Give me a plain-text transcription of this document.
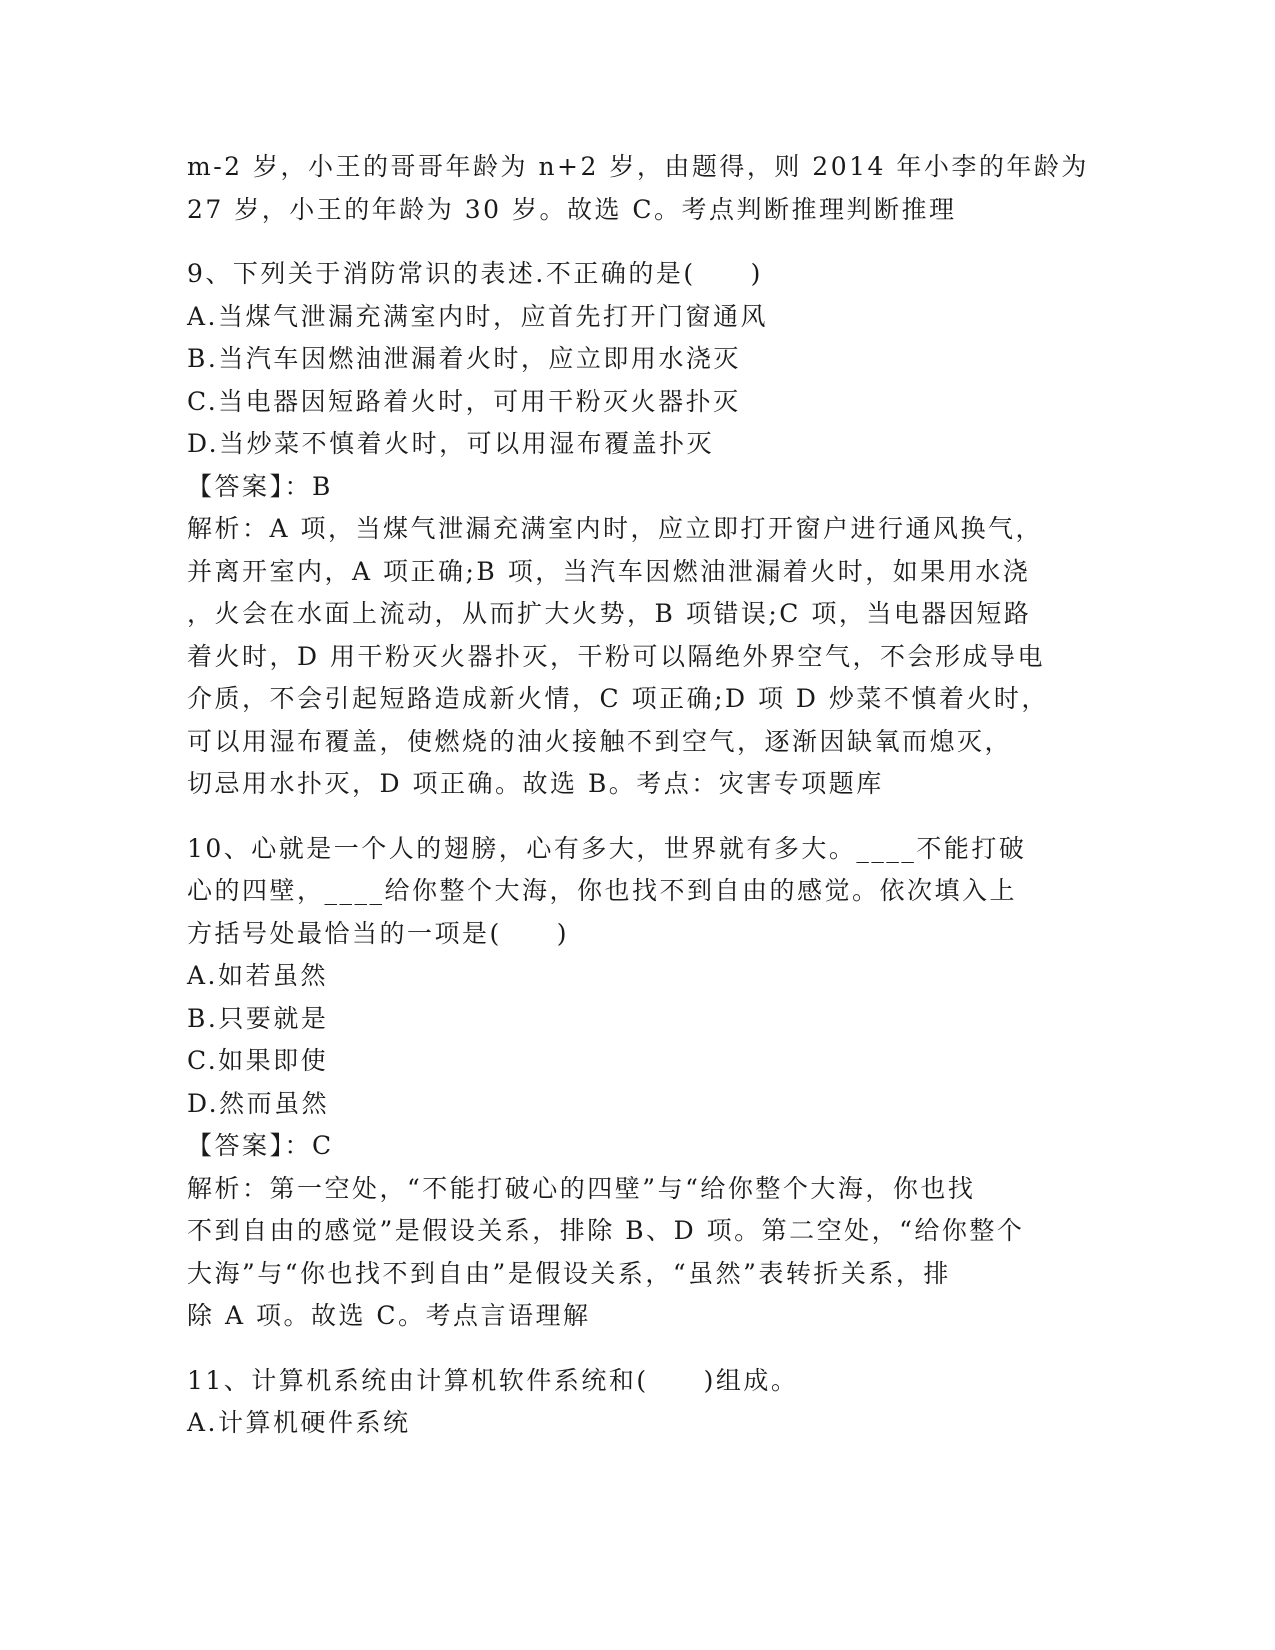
m-2 岁，小王的哥哥年龄为 n+2 岁，由题得，则 2014 年小李的年龄为
27 岁，小王的年龄为 30 岁。故选 C。考点判断推理判断推理
9、下列关于消防常识的表述.不正确的是(　　)
A.当煤气泄漏充满室内时，应首先打开门窗通风
B.当汽车因燃油泄漏着火时，应立即用水浇灭
C.当电器因短路着火时，可用干粉灭火器扑灭
D.当炒菜不慎着火时，可以用湿布覆盖扑灭
【答案】：B
解析：A 项，当煤气泄漏充满室内时，应立即打开窗户进行通风换气，
并离开室内，A 项正确;B 项，当汽车因燃油泄漏着火时，如果用水浇
，火会在水面上流动，从而扩大火势，B 项错误;C 项，当电器因短路
着火时，D 用干粉灭火器扑灭，干粉可以隔绝外界空气，不会形成导电
介质，不会引起短路造成新火情，C 项正确;D 项 D 炒菜不慎着火时，
可以用湿布覆盖，使燃烧的油火接触不到空气，逐渐因缺氧而熄灭，
切忌用水扑灭，D 项正确。故选 B。考点：灾害专项题库
10、心就是一个人的翅膀，心有多大，世界就有多大。____不能打破
心的四壁，____给你整个大海，你也找不到自由的感觉。依次填入上
方括号处最恰当的一项是(　　)
A.如若虽然
B.只要就是
C.如果即使
D.然而虽然
【答案】：C
解析：第一空处，“不能打破心的四壁”与“给你整个大海，你也找
不到自由的感觉”是假设关系，排除 B、D 项。第二空处，“给你整个
大海”与“你也找不到自由”是假设关系，“虽然”表转折关系，排
除 A 项。故选 C。考点言语理解
11、计算机系统由计算机软件系统和(　　)组成。
A.计算机硬件系统
